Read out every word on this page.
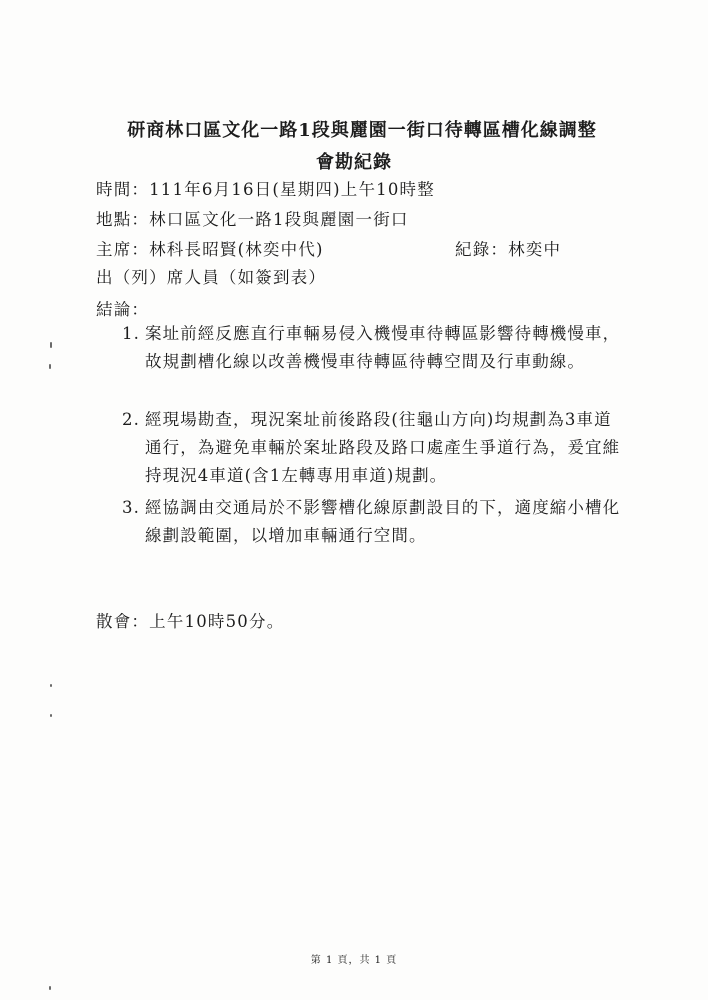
研商林口區文化一路1段與麗園一街口待轉區槽化線調整
會勘紀錄
時間：111年6月16日(星期四)上午10時整
地點：林口區文化一路1段與麗園一街口
主席：林科長昭賢(林奕中代)	紀錄：林奕中
出（列）席人員（如簽到表）
結論：
1. 案址前經反應直行車輛易侵入機慢車待轉區影響待轉機慢車，故規劃槽化線以改善機慢車待轉區待轉空間及行車動線。
2. 經現場勘查，現況案址前後路段(往龜山方向)均規劃為3車道通行，為避免車輛於案址路段及路口處產生爭道行為，爰宜維持現況4車道(含1左轉專用車道)規劃。
3. 經協調由交通局於不影響槽化線原劃設目的下，適度縮小槽化線劃設範圍，以增加車輛通行空間。
散會：上午10時50分。
第 1 頁，共 1 頁
